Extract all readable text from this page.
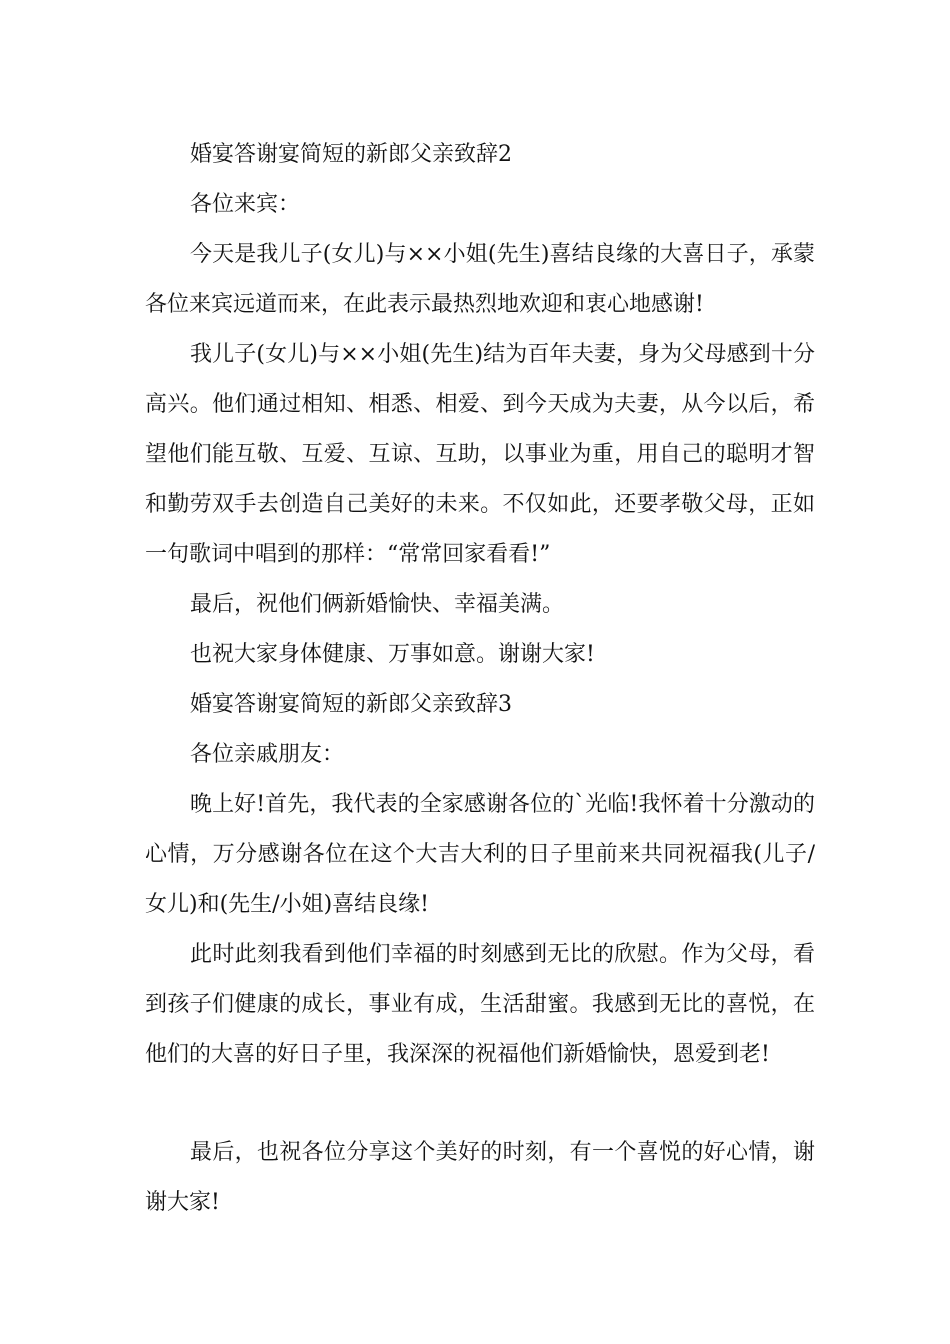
婚宴答谢宴简短的新郎父亲致辞2

各位来宾：

今天是我儿子(女儿)与××小姐(先生)喜结良缘的大喜日子，承蒙各位来宾远道而来，在此表示最热烈地欢迎和衷心地感谢!

我儿子(女儿)与××小姐(先生)结为百年夫妻，身为父母感到十分高兴。他们通过相知、相悉、相爱、到今天成为夫妻，从今以后，希望他们能互敬、互爱、互谅、互助，以事业为重，用自己的聪明才智和勤劳双手去创造自己美好的未来。不仅如此，还要孝敬父母，正如一句歌词中唱到的那样：“常常回家看看!”

最后，祝他们俩新婚愉快、幸福美满。

也祝大家身体健康、万事如意。谢谢大家!

婚宴答谢宴简短的新郎父亲致辞3

各位亲戚朋友：

晚上好!首先，我代表的全家感谢各位的`光临!我怀着十分激动的心情，万分感谢各位在这个大吉大利的日子里前来共同祝福我(儿子/女儿)和(先生/小姐)喜结良缘!

此时此刻我看到他们幸福的时刻感到无比的欣慰。作为父母，看到孩子们健康的成长，事业有成，生活甜蜜。我感到无比的喜悦，在他们的大喜的好日子里，我深深的祝福他们新婚愉快，恩爱到老!

最后，也祝各位分享这个美好的时刻，有一个喜悦的好心情，谢谢大家!
